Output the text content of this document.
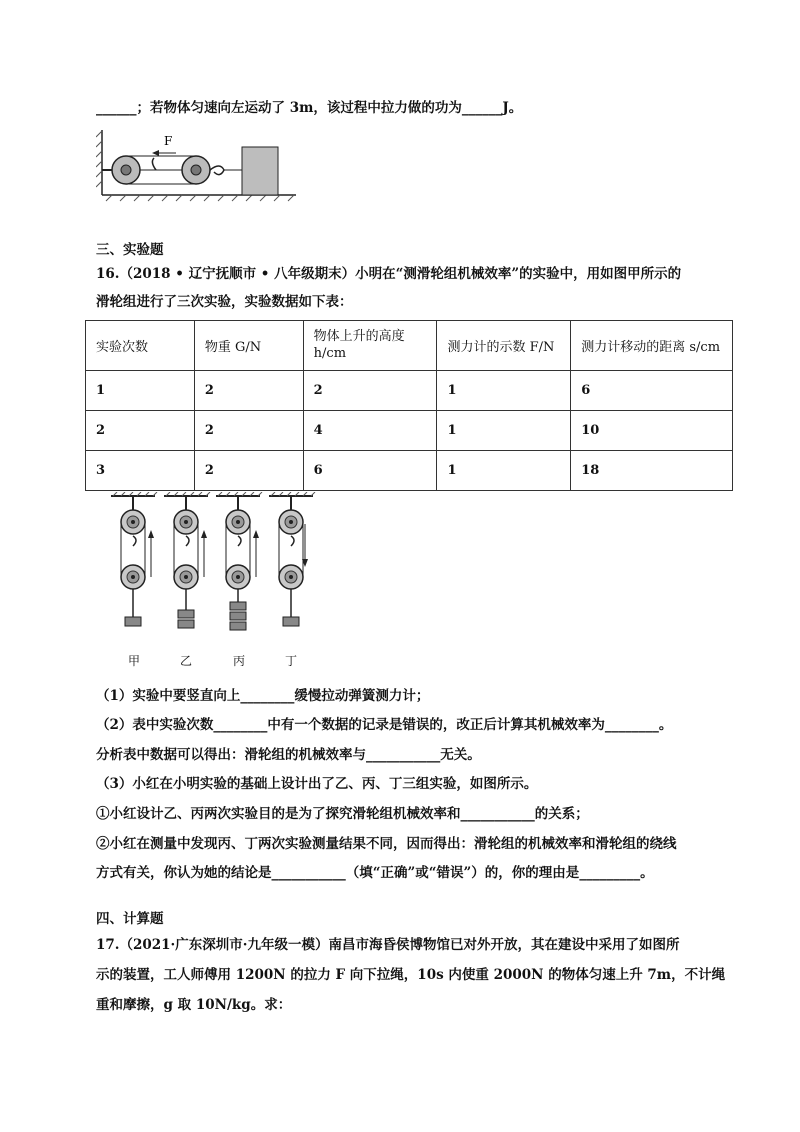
______；若物体匀速向左运动了 3m，该过程中拉力做的功为______J。
F
三、实验题
16.（2018 • 辽宁抚顺市 • 八年级期末）小明在“测滑轮组机械效率”的实验中，用如图甲所示的
滑轮组进行了三次实验，实验数据如下表：
实验次数	物重 G/N	物体上升的高度 h/cm	测力计的示数 F/N	测力计移动的距离 s/cm
1	2	2	1	6
2	2	4	1	10
3	2	6	1	18
甲	乙	丙	丁
（1）实验中要竖直向上________缓慢拉动弹簧测力计；
（2）表中实验次数________中有一个数据的记录是错误的，改正后计算其机械效率为________。
分析表中数据可以得出：滑轮组的机械效率与___________无关。
（3）小红在小明实验的基础上设计出了乙、丙、丁三组实验，如图所示。
①小红设计乙、丙两次实验目的是为了探究滑轮组机械效率和___________的关系；
②小红在测量中发现丙、丁两次实验测量结果不同，因而得出：滑轮组的机械效率和滑轮组的绕线
方式有关，你认为她的结论是___________（填“正确”或“错误”）的，你的理由是_________。
四、计算题
17.（2021·广东深圳市·九年级一模）南昌市海昏侯博物馆已对外开放，其在建设中采用了如图所
示的装置，工人师傅用 1200N 的拉力 F 向下拉绳，10s 内使重 2000N 的物体匀速上升 7m，不计绳
重和摩擦，g 取 10N/kg。求：
